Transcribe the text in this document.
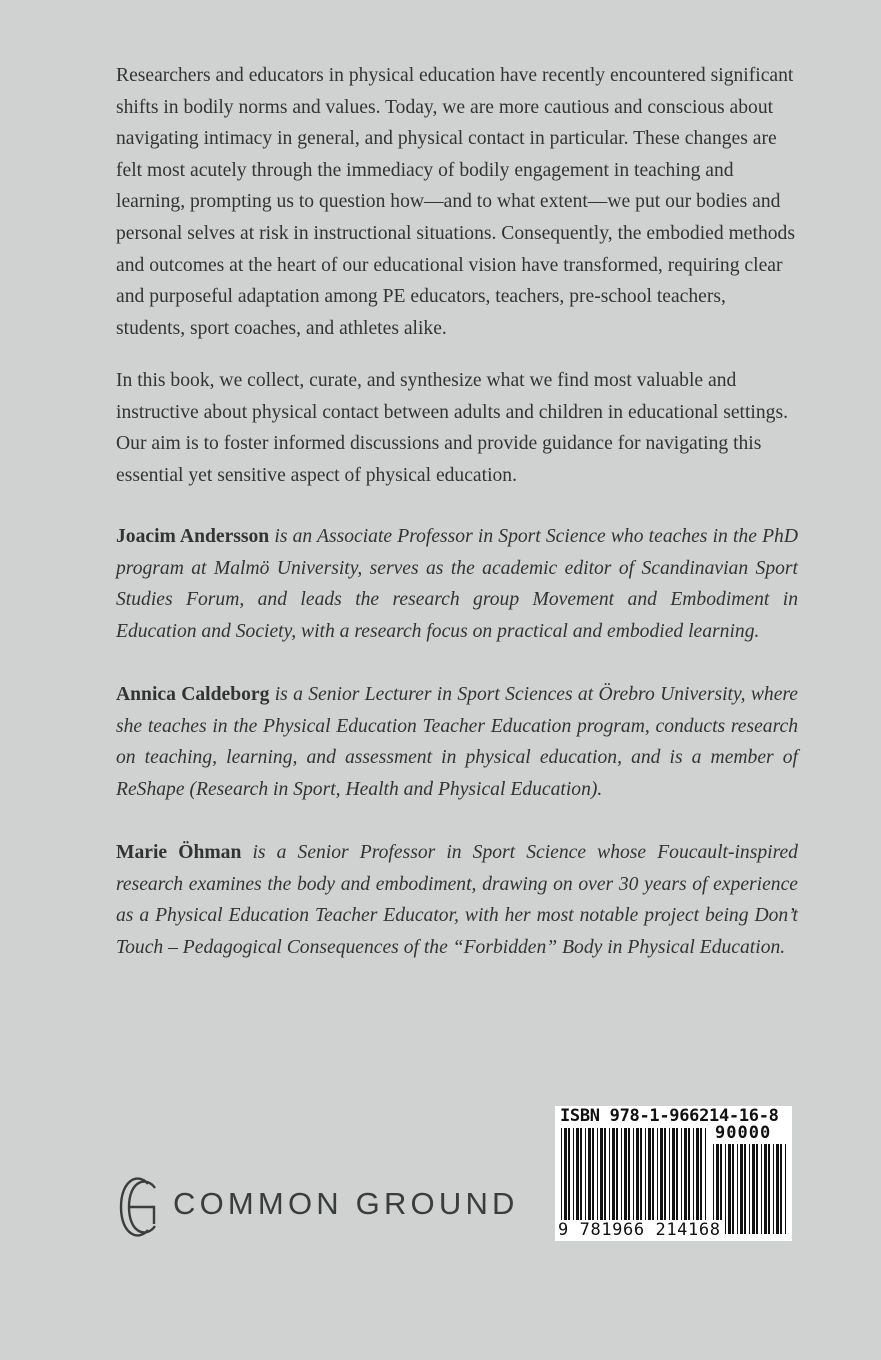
Researchers and educators in physical education have recently encountered significant shifts in bodily norms and values. Today, we are more cautious and conscious about navigating intimacy in general, and physical contact in particular. These changes are felt most acutely through the immediacy of bodily engagement in teaching and learning, prompting us to question how—and to what extent—we put our bodies and personal selves at risk in instructional situations. Consequently, the embodied methods and outcomes at the heart of our educational vision have transformed, requiring clear and purposeful adaptation among PE educators, teachers, pre-school teachers, students, sport coaches, and athletes alike.

In this book, we collect, curate, and synthesize what we find most valuable and instructive about physical contact between adults and children in educational settings. Our aim is to foster informed discussions and provide guidance for navigating this essential yet sensitive aspect of physical education.

Joacim Andersson is an Associate Professor in Sport Science who teaches in the PhD program at Malmö University, serves as the academic editor of Scandinavian Sport Studies Forum, and leads the research group Movement and Embodiment in Education and Society, with a research focus on practical and embodied learning.

Annica Caldeborg is a Senior Lecturer in Sport Sciences at Örebro University, where she teaches in the Physical Education Teacher Education program, conducts research on teaching, learning, and assessment in physical education, and is a member of ReShape (Research in Sport, Health and Physical Education).

Marie Öhman is a Senior Professor in Sport Science whose Foucault-inspired research examines the body and embodiment, drawing on over 30 years of experience as a Physical Education Teacher Educator, with her most notable project being Don’t Touch – Pedagogical Consequences of the “Forbidden” Body in Physical Education.

COMMON GROUND
ISBN 978-1-966214-16-8
90000
9 781966 214168
